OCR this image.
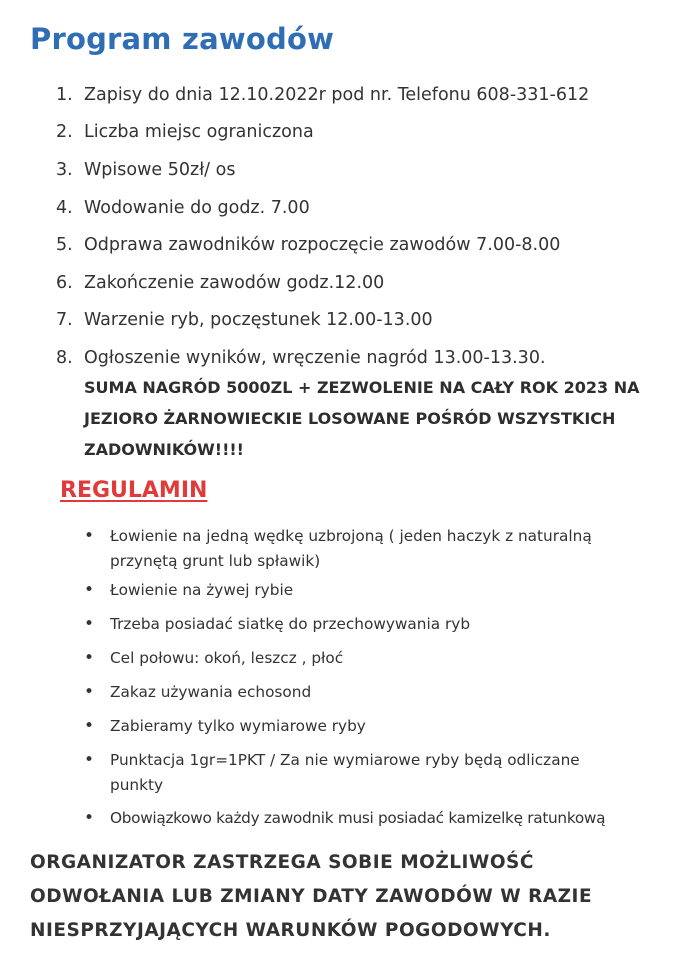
Program zawodów
1. Zapisy do dnia 12.10.2022r pod nr. Telefonu 608-331-612
2. Liczba miejsc ograniczona
3. Wpisowe 50zł/ os
4. Wodowanie do godz. 7.00
5. Odprawa zawodników rozpoczęcie zawodów 7.00-8.00
6. Zakończenie zawodów godz.12.00
7. Warzenie ryb, poczęstunek 12.00-13.00
8. Ogłoszenie wyników, wręczenie nagród 13.00-13.30.
SUMA NAGRÓD 5000ZL + ZEZWOLENIE NA CAŁY ROK 2023 NA
JEZIORO ŻARNOWIECKIE LOSOWANE POŚRÓD WSZYSTKICH
ZADOWNIKÓW!!!!
REGULAMIN
•	Łowienie na jedną wędkę uzbrojoną ( jeden haczyk z naturalną
przynętą grunt lub spławik)
•	Łowienie na żywej rybie
•	Trzeba posiadać siatkę do przechowywania ryb
•	Cel połowu: okoń, leszcz , płoć
•	Zakaz używania echosond
•	Zabieramy tylko wymiarowe ryby
•	Punktacja 1gr=1PKT / Za nie wymiarowe ryby będą odliczane
punkty
•	Obowiązkowo każdy zawodnik musi posiadać kamizelkę ratunkową
ORGANIZATOR ZASTRZEGA SOBIE MOŻLIWOŚĆ
ODWOŁANIA LUB ZMIANY DATY ZAWODÓW W RAZIE
NIESPRZYJAJĄCYCH WARUNKÓW POGODOWYCH.
